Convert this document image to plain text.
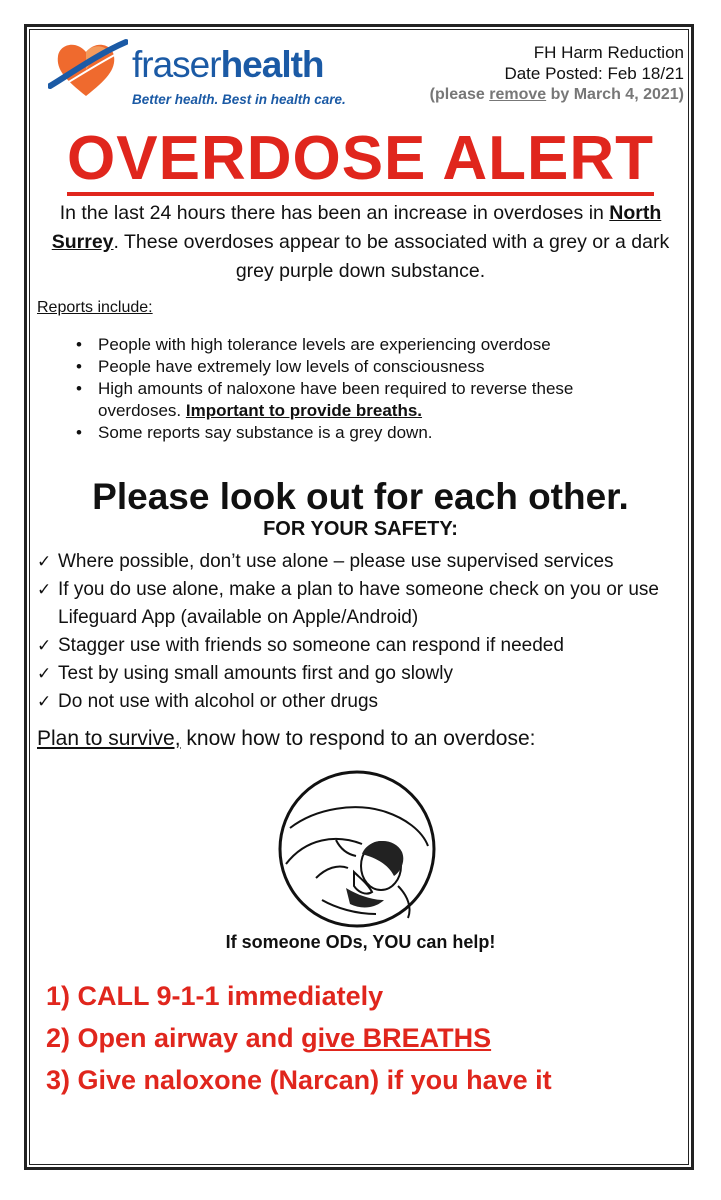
fraserhealth
Better health. Best in health care.
FH Harm Reduction
Date Posted: Feb 18/21
(please remove by March 4, 2021)
OVERDOSE ALERT
In the last 24 hours there has been an increase in overdoses in North Surrey. These overdoses appear to be associated with a grey or a dark grey purple down substance.
Reports include:
• People with high tolerance levels are experiencing overdose
• People have extremely low levels of consciousness
• High amounts of naloxone have been required to reverse these overdoses. Important to provide breaths.
• Some reports say substance is a grey down.
Please look out for each other.
FOR YOUR SAFETY:
✓ Where possible, don’t use alone – please use supervised services
✓ If you do use alone, make a plan to have someone check on you or use Lifeguard App (available on Apple/Android)
✓ Stagger use with friends so someone can respond if needed
✓ Test by using small amounts first and go slowly
✓ Do not use with alcohol or other drugs
Plan to survive, know how to respond to an overdose:
If someone ODs, YOU can help!
1) CALL 9-1-1 immediately
2) Open airway and give BREATHS
3) Give naloxone (Narcan) if you have it
